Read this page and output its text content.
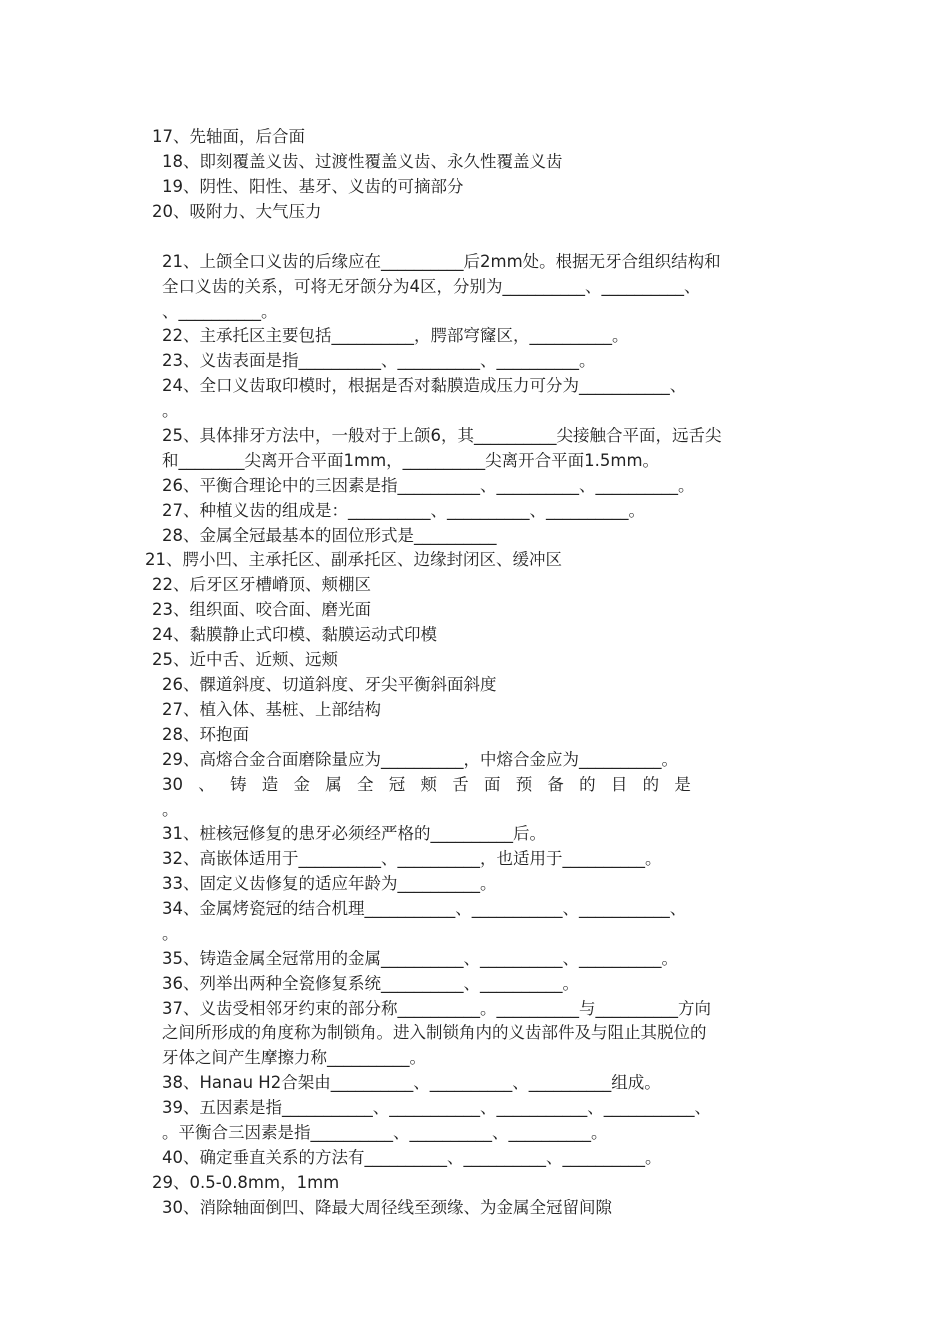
17、先轴面，后合面
18、即刻覆盖义齿、过渡性覆盖义齿、永久性覆盖义齿
19、阴性、阳性、基牙、义齿的可摘部分
20、吸附力、大气压力
21、上颌全口义齿的后缘应在__________后2mm处。根据无牙合组织结构和
全口义齿的关系，可将无牙颌分为4区，分别为__________、__________、
、__________。
22、主承托区主要包括__________，腭部穹窿区，__________。
23、义齿表面是指__________、__________、__________。
24、全口义齿取印模时，根据是否对黏膜造成压力可分为___________、
。
25、具体排牙方法中，一般对于上颌6，其__________尖接触合平面，远舌尖
和________尖离开合平面1mm，__________尖离开合平面1.5mm。
26、平衡合理论中的三因素是指__________、__________、__________。
27、种植义齿的组成是：__________、__________、__________。
28、金属全冠最基本的固位形式是__________
21、腭小凹、主承托区、副承托区、边缘封闭区、缓冲区
22、后牙区牙槽嵴顶、颊棚区
23、组织面、咬合面、磨光面
24、黏膜静止式印模、黏膜运动式印模
25、近中舌、近颊、远颊
26、髁道斜度、切道斜度、牙尖平衡斜面斜度
27、植入体、基桩、上部结构
28、环抱面
29、高熔合金合面磨除量应为__________，中熔合金应为__________。
30 、 铸 造 金 属 全 冠 颊 舌 面 预 备 的 目 的 是
。
31、桩核冠修复的患牙必须经严格的__________后。
32、高嵌体适用于__________、__________，也适用于__________。
33、固定义齿修复的适应年龄为__________。
34、金属烤瓷冠的结合机理___________、___________、___________、
。
35、铸造金属全冠常用的金属__________、__________、__________。
36、列举出两种全瓷修复系统__________、__________。
37、义齿受相邻牙约束的部分称__________。__________与__________方向
之间所形成的角度称为制锁角。进入制锁角内的义齿部件及与阻止其脱位的
牙体之间产生摩擦力称__________。
38、Hanau H2合架由__________、__________、__________组成。
39、五因素是指___________、___________、___________、___________、
。平衡合三因素是指__________、__________、__________。
40、确定垂直关系的方法有__________、__________、__________。
29、0.5-0.8mm，1mm
30、消除轴面倒凹、降最大周径线至颈缘、为金属全冠留间隙
